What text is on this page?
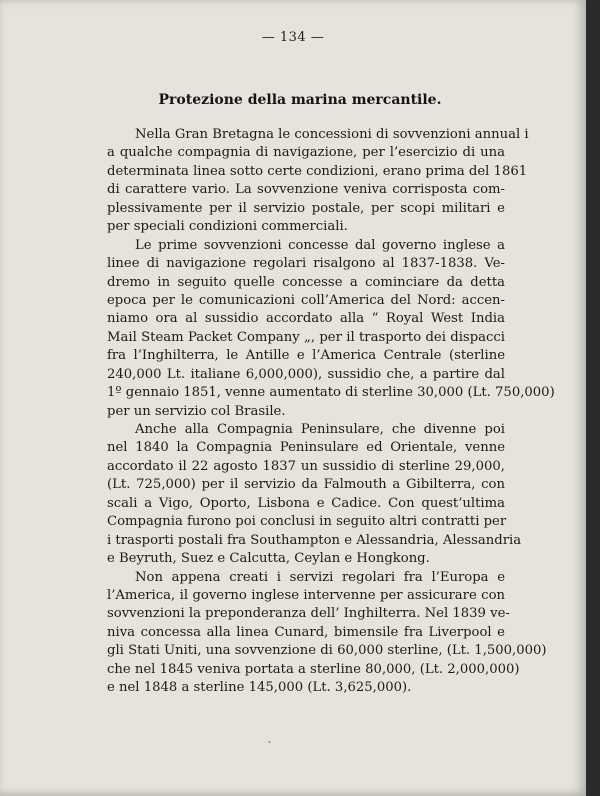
— 134 —
Protezione della marina mercantile.
Nella Gran Bretagna le concessioni di sovvenzioni annual i
a qualche compagnia di navigazione, per l’esercizio di una
determinata linea sotto certe condizioni, erano prima del 1861
di carattere vario. La sovvenzione veniva corrisposta com-
plessivamente per il servizio postale, per scopi militari e
per speciali condizioni commerciali.
Le prime sovvenzioni concesse dal governo inglese a
linee di navigazione regolari risalgono al 1837-1838. Ve-
dremo in seguito quelle concesse a cominciare da detta
epoca per le comunicazioni coll’America del Nord: accen-
niamo ora al sussidio accordato alla “ Royal West India
Mail Steam Packet Company „, per il trasporto dei dispacci
fra l’Inghilterra, le Antille e l’America Centrale (sterline
240,000 Lt. italiane 6,000,000), sussidio che, a partire dal
1º gennaio 1851, venne aumentato di sterline 30,000 (Lt. 750,000)
per un servizio col Brasile.
Anche alla Compagnia Peninsulare, che divenne poi
nel 1840 la Compagnia Peninsulare ed Orientale, venne
accordato il 22 agosto 1837 un sussidio di sterline 29,000,
(Lt. 725,000) per il servizio da Falmouth a Gibilterra, con
scali a Vigo, Oporto, Lisbona e Cadice. Con quest’ultima
Compagnia furono poi conclusi in seguito altri contratti per
i trasporti postali fra Southampton e Alessandria, Alessandria
e Beyruth, Suez e Calcutta, Ceylan e Hongkong.
Non appena creati i servizi regolari fra l’Europa e
l’America, il governo inglese intervenne per assicurare con
sovvenzioni la preponderanza dell’ Inghilterra. Nel 1839 ve-
niva concessa alla linea Cunard, bimensile fra Liverpool e
gli Stati Uniti, una sovvenzione di 60,000 sterline, (Lt. 1,500,000)
che nel 1845 veniva portata a sterline 80,000, (Lt. 2,000,000)
e nel 1848 a sterline 145,000 (Lt. 3,625,000).
